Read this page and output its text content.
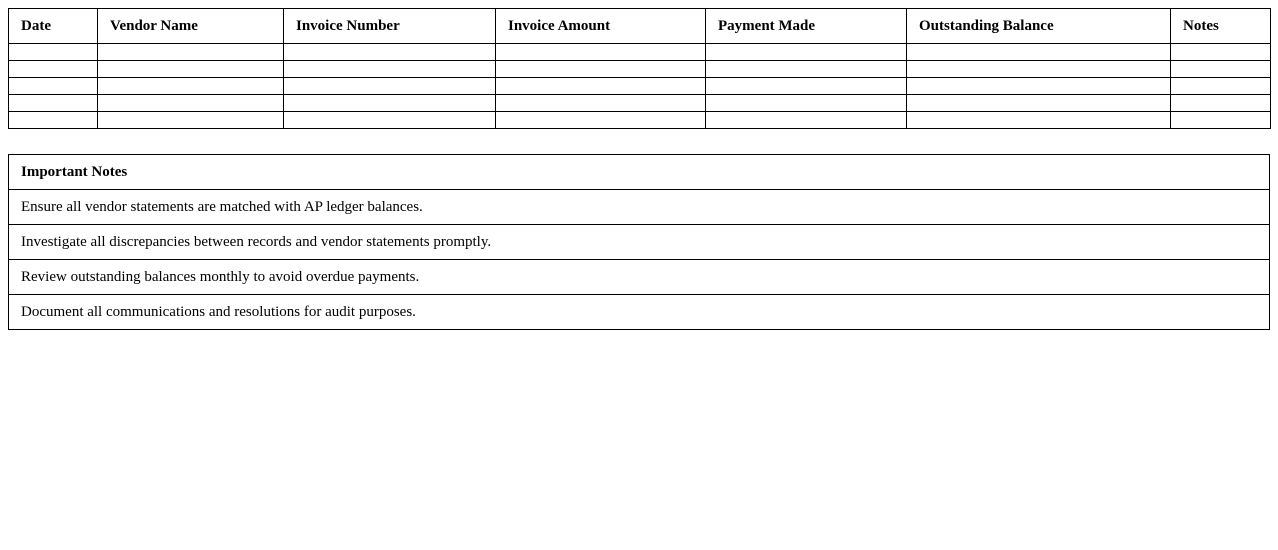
Date	Vendor Name	Invoice Number	Invoice Amount	Payment Made	Outstanding Balance	Notes

Important Notes
Ensure all vendor statements are matched with AP ledger balances.
Investigate all discrepancies between records and vendor statements promptly.
Review outstanding balances monthly to avoid overdue payments.
Document all communications and resolutions for audit purposes.
